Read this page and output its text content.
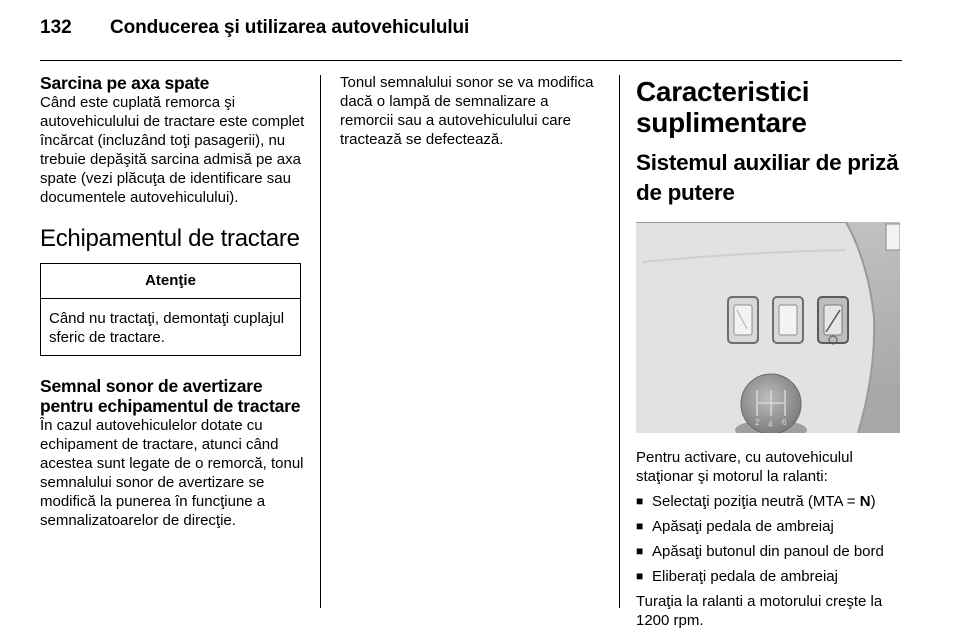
132	Conducerea şi utilizarea autovehiculului
Sarcina pe axa spate

Când este cuplată remorca şi autovehiculului de tractare este complet încărcat (incluzând toţi pasagerii), nu trebuie depăşită sarcina admisă pe axa spate (vezi plăcuţa de identificare sau documentele autovehiculului).

Echipamentul de tractare
Atenţie
Când nu tractaţi, demontaţi cuplajul sferic de tractare.
Semnal sonor de avertizare pentru echipamentul de tractare

În cazul autovehiculelor dotate cu echipament de tractare, atunci când acestea sunt legate de o remorcă, tonul semnalului sonor de avertizare se modifică la punerea în funcţiune a semnalizatoarelor de direcţie.

Tonul semnalului sonor se va modifica dacă o lampă de semnalizare a remorcii sau a autovehiculului care tractează se defectează.

Caracteristici suplimentare
Sistemul auxiliar de priză de putere
2 4 6

Pentru activare, cu autovehiculul staţionar şi motorul la ralanti:

■ Selectaţi poziţia neutră (MTA = N)
■ Apăsaţi pedala de ambreiaj
■ Apăsaţi butonul din panoul de bord
■ Eliberaţi pedala de ambreiaj

Turaţia la ralanti a motorului creşte la 1200 rpm.
